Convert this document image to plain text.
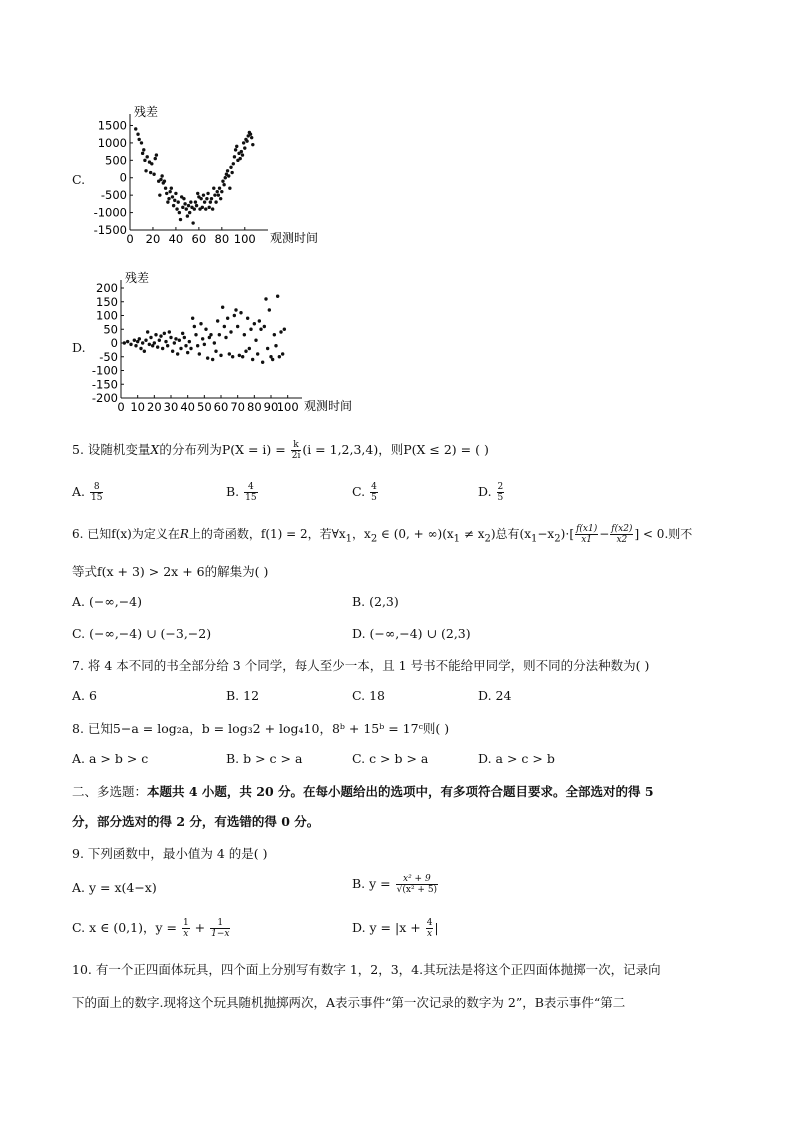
C.
残差
观测时间
1500
1000
500
0
-500
-1000
-1500
0 20 40 60 80 100
D.
残差
观测时间
200
150
100
50
0
-50
-100
-150
-200
0 10 20 30 40 50 60 70 80 90
100
5. 设随机变量X的分布列为$P(X = i) = \frac{k}{2i} (i = 1,2,3,4)$，则P(X ≤ 2) = ( )
A. $\frac{8}{15}$	B. $\frac{4}{15}$	C. $\frac{4}{5}$	D. $\frac{2}{5}$
6. 已知f(x)为定义在R上的奇函数，f(1) = 2，若$\forall x_1$，$x_2$ ∈ (0, + $\infty)(x_1 \ne x_2)$总有$(x_1-x_2)\cdot[ \frac{f(x1)}{x1} - \frac{f(x2)}{x2}$ ] < 0.则不
等式f(x + 3) > 2x + 6的解集为( )
A. (−∞,−4)	B. (2,3)
C. (−∞,−4) ∪ (−3,−2)	D. (−∞,−4) ∪ (2,3)
7. 将 4 本不同的书全部分给 3 个同学，每人至少一本，且 1 号书不能给甲同学，则不同的分法种数为( )
A. 6	B. 12	C. 18	D. 24
8. 已知5−a = log₂a，b = log₃2 + log₄10，8ᵇ + 15ᵇ = 17ᶜ则( )
A. a > b > c	B. b > c > a	C. c > b > a	D. a > c > b
二、多选题：本题共 4 小题，共 20 分。在每小题给出的选项中，有多项符合题目要求。全部选对的得 5
分，部分选对的得 2 分，有选错的得 0 分。
9. 下列函数中，最小值为 4 的是( )
A. y = x(4−x)	B. $y = \frac{\text{x² + 9}}{\text{√(x² + 5)}}$
C. x ∈ (0,1)，$y = \frac{1}{x} + \frac{1}{1-x}$	D. $y = |x + \frac{4}{x}$ |
10. 有一个正四面体玩具，四个面上分别写有数字 1，2，3，4.其玩法是将这个正四面体抛掷一次，记录向
下的面上的数字.现将这个玩具随机抛掷两次，A表示事件“第一次记录的数字为 2”，B表示事件“第二
